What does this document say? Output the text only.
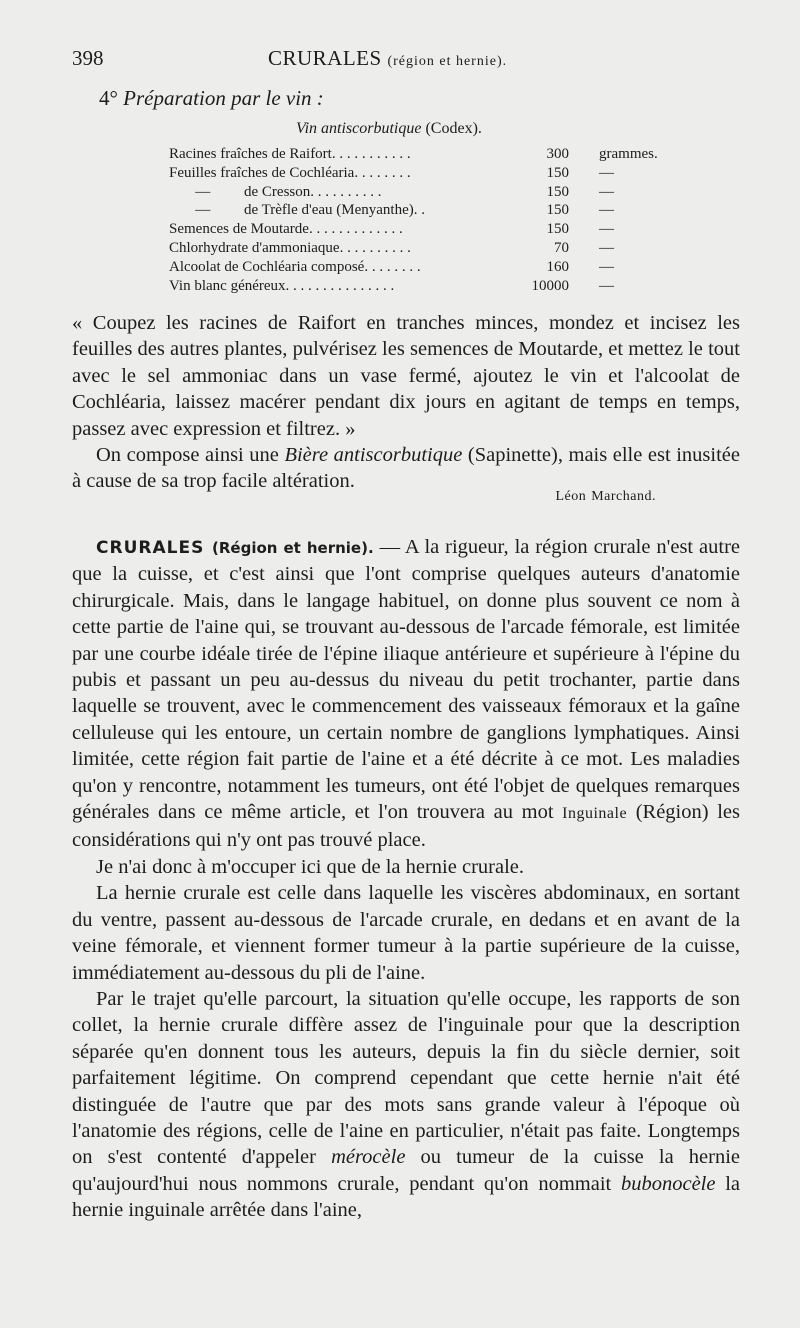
398	CRURALES (région et hernie).
4° Préparation par le vin :
Vin antiscorbutique (Codex).
Racines fraîches de Raifort. . . . . . . . . . .	300 grammes.
Feuilles fraîches de Cochléaria. . . . . . . .	150 —
—         de Cresson. . . . . . . . . .	150 —
—         de Trèfle d'eau (Menyanthe). .	150 —
Semences de Moutarde. . . . . . . . . . . . .	150 —
Chlorhydrate d'ammoniaque. . . . . . . . . .	70 —
Alcoolat de Cochléaria composé. . . . . . . .	160 —
Vin blanc généreux. . . . . . . . . . . . . . .	10000 —

« Coupez les racines de Raifort en tranches minces, mondez et incisez les feuilles des autres plantes, pulvérisez les semences de Moutarde, et mettez le tout avec le sel ammoniac dans un vase fermé, ajoutez le vin et l'alcoolat de Cochléaria, laissez macérer pendant dix jours en agitant de temps en temps, passez avec expression et filtrez. »

On compose ainsi une Bière antiscorbutique (Sapinette), mais elle est inusitée à cause de sa trop facile altération.

Léon Marchand.

CRURALES (Région et hernie). — A la rigueur, la région crurale n'est autre que la cuisse, et c'est ainsi que l'ont comprise quelques auteurs d'anatomie chirurgicale. Mais, dans le langage habituel, on donne plus souvent ce nom à cette partie de l'aine qui, se trouvant au-dessous de l'arcade fémorale, est limitée par une courbe idéale tirée de l'épine iliaque antérieure et supérieure à l'épine du pubis et passant un peu au-dessus du niveau du petit trochanter, partie dans laquelle se trouvent, avec le commencement des vaisseaux fémoraux et la gaîne celluleuse qui les entoure, un certain nombre de ganglions lymphatiques. Ainsi limitée, cette région fait partie de l'aine et a été décrite à ce mot. Les maladies qu'on y rencontre, notamment les tumeurs, ont été l'objet de quelques remarques générales dans ce même article, et l'on trouvera au mot Inguinale (Région) les considérations qui n'y ont pas trouvé place.

Je n'ai donc à m'occuper ici que de la hernie crurale.

La hernie crurale est celle dans laquelle les viscères abdominaux, en sortant du ventre, passent au-dessous de l'arcade crurale, en dedans et en avant de la veine fémorale, et viennent former tumeur à la partie supérieure de la cuisse, immédiatement au-dessous du pli de l'aine.

Par le trajet qu'elle parcourt, la situation qu'elle occupe, les rapports de son collet, la hernie crurale diffère assez de l'inguinale pour que la description séparée qu'en donnent tous les auteurs, depuis la fin du siècle dernier, soit parfaitement légitime. On comprend cependant que cette hernie n'ait été distinguée de l'autre que par des mots sans grande valeur à l'époque où l'anatomie des régions, celle de l'aine en particulier, n'était pas faite. Longtemps on s'est contenté d'appeler mérocèle ou tumeur de la cuisse la hernie qu'aujourd'hui nous nommons crurale, pendant qu'on nommait bubonocèle la hernie inguinale arrêtée dans l'aine,
